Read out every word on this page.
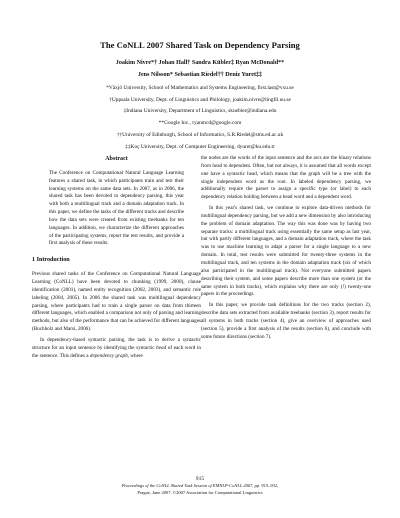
The CoNLL 2007 Shared Task on Dependency Parsing
Joakim Nivre*† Johan Hall† Sandra Kübler‡ Ryan McDonald**
Jens Nilsson* Sebastian Riedel†† Deniz Yuret‡‡
*Växjö University, School of Mathematics and Systems Engineering, first.last@vxu.se
†Uppsala University, Dept. of Linguistics and Philology, joakim.nivre@lingfil.uu.se
‡Indiana University, Department of Linguistics, skuebler@indiana.edu
**Google Inc., ryanmcd@google.com
††University of Edinburgh, School of Informatics, S.R.Riedel@sms.ed.ac.uk
‡‡Koç University, Dept. of Computer Engineering, dyuret@ku.edu.tr
Abstract
The Conference on Computational Natural Language Learning features a shared task, in which participants train and test their learning systems on the same data sets. In 2007, as in 2006, the shared task has been devoted to dependency parsing, this year with both a multilingual track and a domain adaptation track. In this paper, we define the tasks of the different tracks and describe how the data sets were created from existing treebanks for ten languages. In addition, we characterize the different approaches of the participating systems, report the test results, and provide a first analysis of these results.
1 Introduction

Previous shared tasks of the Conference on Computational Natural Language Learning (CoNLL) have been devoted to chunking (1999, 2000), clause identification (2001), named entity recognition (2002, 2003), and semantic role labeling (2004, 2005). In 2006 the shared task was multilingual dependency parsing, where participants had to train a single parser on data from thirteen different languages, which enabled a comparison not only of parsing and learning methods, but also of the performance that can be achieved for different languages (Buchholz and Marsi, 2006).

In dependency-based syntactic parsing, the task is to derive a syntactic structure for an input sentence by identifying the syntactic head of each word in the sentence. This defines a dependency graph, where

the nodes are the words of the input sentence and the arcs are the binary relations from head to dependent. Often, but not always, it is assumed that all words except one have a syntactic head, which means that the graph will be a tree with the single independent word as the root. In labeled dependency parsing, we additionally require the parser to assign a specific type (or label) to each dependency relation holding between a head word and a dependent word.

In this year's shared task, we continue to explore data-driven methods for multilingual dependency parsing, but we add a new dimension by also introducing the problem of domain adaptation. The way this was done was by having two separate tracks: a multilingual track using essentially the same setup as last year, but with partly different languages, and a domain adaptation track, where the task was to use machine learning to adapt a parser for a single language to a new domain. In total, test results were submitted for twenty-three systems in the multilingual track, and ten systems in the domain adaptation track (six of which also participated in the multilingual track). Not everyone submitted papers describing their system, and some papers describe more than one system (or the same system in both tracks), which explains why there are only (!) twenty-one papers in the proceedings.

In this paper, we provide task definitions for the two tracks (section 2), describe data sets extracted from available treebanks (section 3), report results for all systems in both tracks (section 4), give an overview of approaches used (section 5), provide a first analysis of the results (section 6), and conclude with some future directions (section 7).

915
Proceedings of the CoNLL Shared Task Session of EMNLP-CoNLL 2007, pp. 915–932,
Prague, June 2007. ©2007 Association for Computational Linguistics
